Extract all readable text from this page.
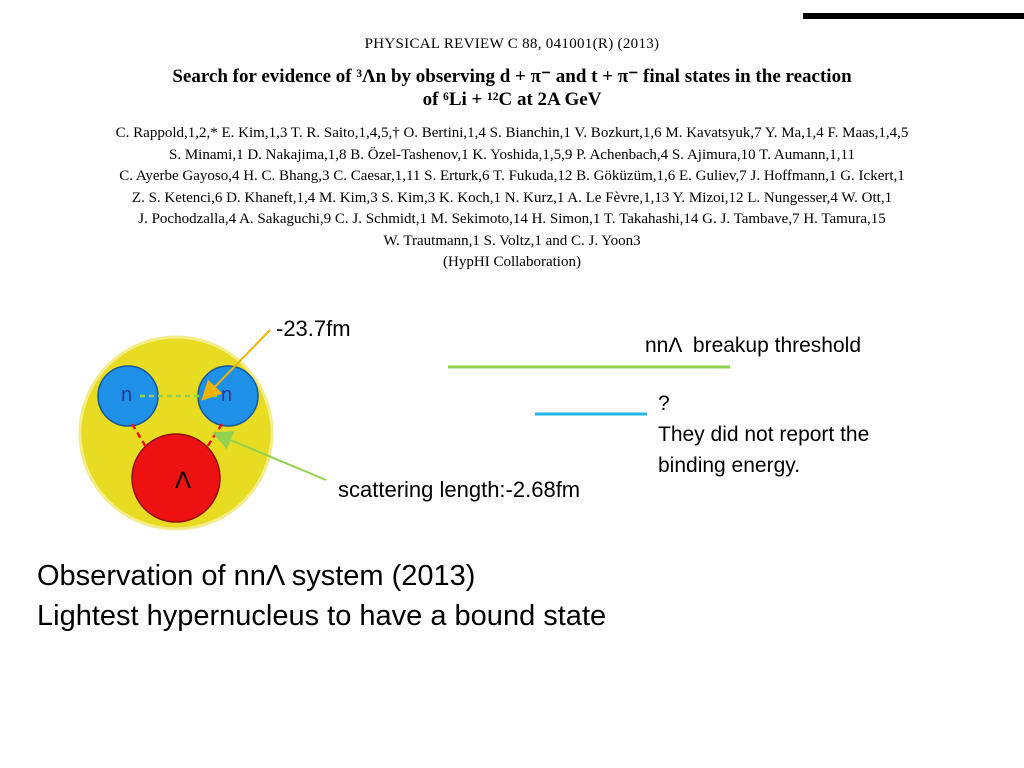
PHYSICAL REVIEW C 88, 041001(R) (2013)

Search for evidence of ³Λn by observing d + π⁻ and t + π⁻ final states in the reaction
of ⁶Li + ¹²C at 2A GeV

C. Rappold,1,2,* E. Kim,1,3 T. R. Saito,1,4,5,† O. Bertini,1,4 S. Bianchin,1 V. Bozkurt,1,6 M. Kavatsyuk,7 Y. Ma,1,4 F. Maas,1,4,5
S. Minami,1 D. Nakajima,1,8 B. Özel-Tashenov,1 K. Yoshida,1,5,9 P. Achenbach,4 S. Ajimura,10 T. Aumann,1,11
C. Ayerbe Gayoso,4 H. C. Bhang,3 C. Caesar,1,11 S. Erturk,6 T. Fukuda,12 B. Göküzüm,1,6 E. Guliev,7 J. Hoffmann,1 G. Ickert,1
Z. S. Ketenci,6 D. Khaneft,1,4 M. Kim,3 S. Kim,3 K. Koch,1 N. Kurz,1 A. Le Fèvre,1,13 Y. Mizoi,12 L. Nungesser,4 W. Ott,1
J. Pochodzalla,4 A. Sakaguchi,9 C. J. Schmidt,1 M. Sekimoto,14 H. Simon,1 T. Takahashi,14 G. J. Tambave,7 H. Tamura,15
W. Trautmann,1 S. Voltz,1 and C. J. Yoon3

(HypHI Collaboration)

n	n
Λ
-23.7fm
scattering length:-2.68fm
nnΛ  breakup threshold
?
They did not report the
binding energy.
Observation of nnΛ system (2013)
Lightest hypernucleus to have a bound state
